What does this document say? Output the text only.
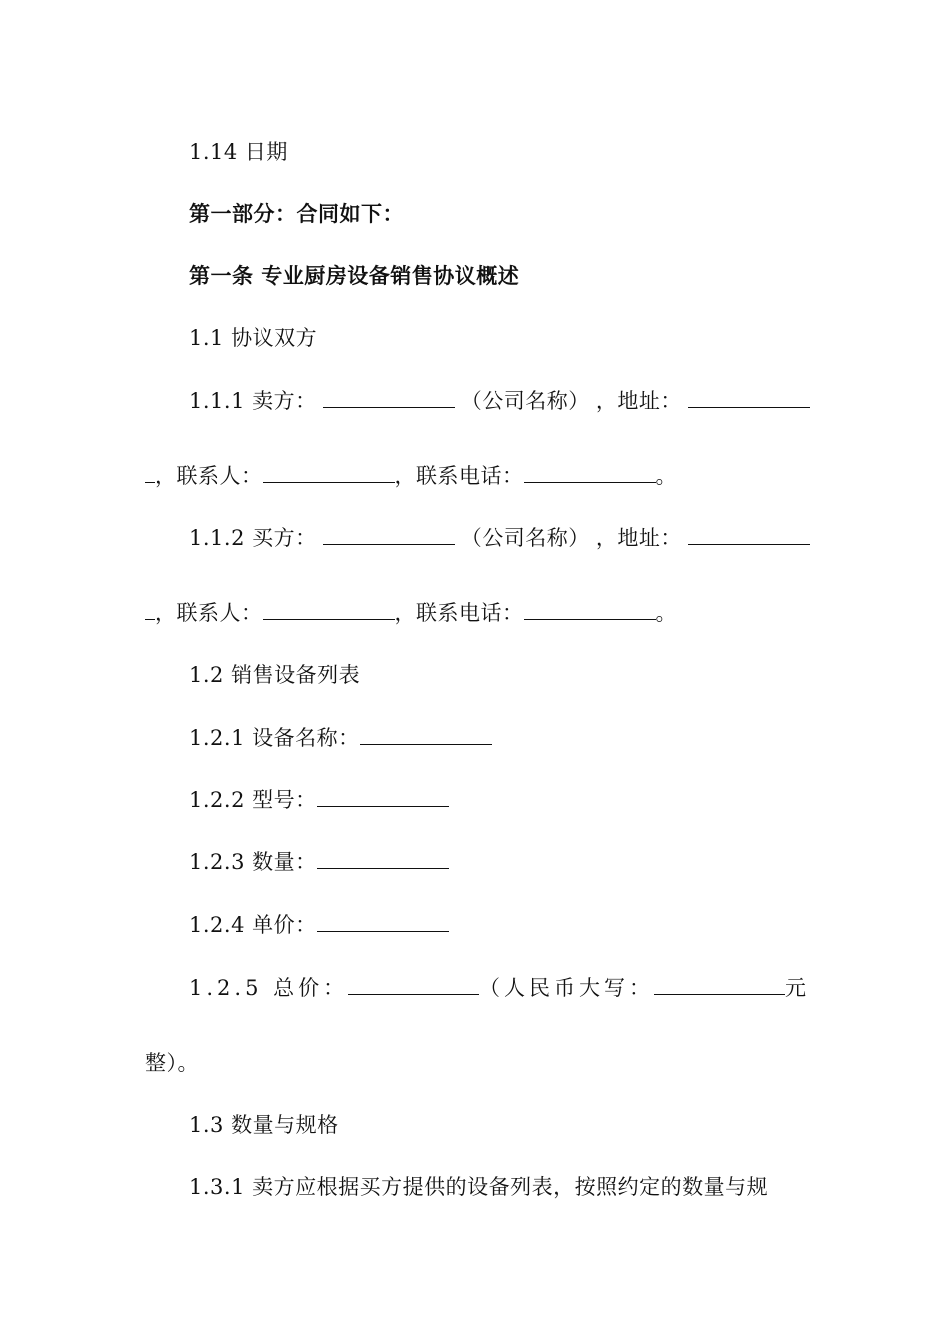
1.14 日期
第一部分：合同如下：
第一条 专业厨房设备销售协议概述
1.1 协议双方
1.1.1 卖方：	（公司名称） ，地址：
，联系人：	，联系电话：	。
1.1.2 买方：	（公司名称） ，地址：
，联系人：	，联系电话：	。
1.2 销售设备列表
1.2.1 设备名称：
1.2.2 型号：
1.2.3 数量：
1.2.4 单价：
1.2.5 总价：	（人民币大写：	元
整）。
1.3 数量与规格
1.3.1 卖方应根据买方提供的设备列表，按照约定的数量与规
